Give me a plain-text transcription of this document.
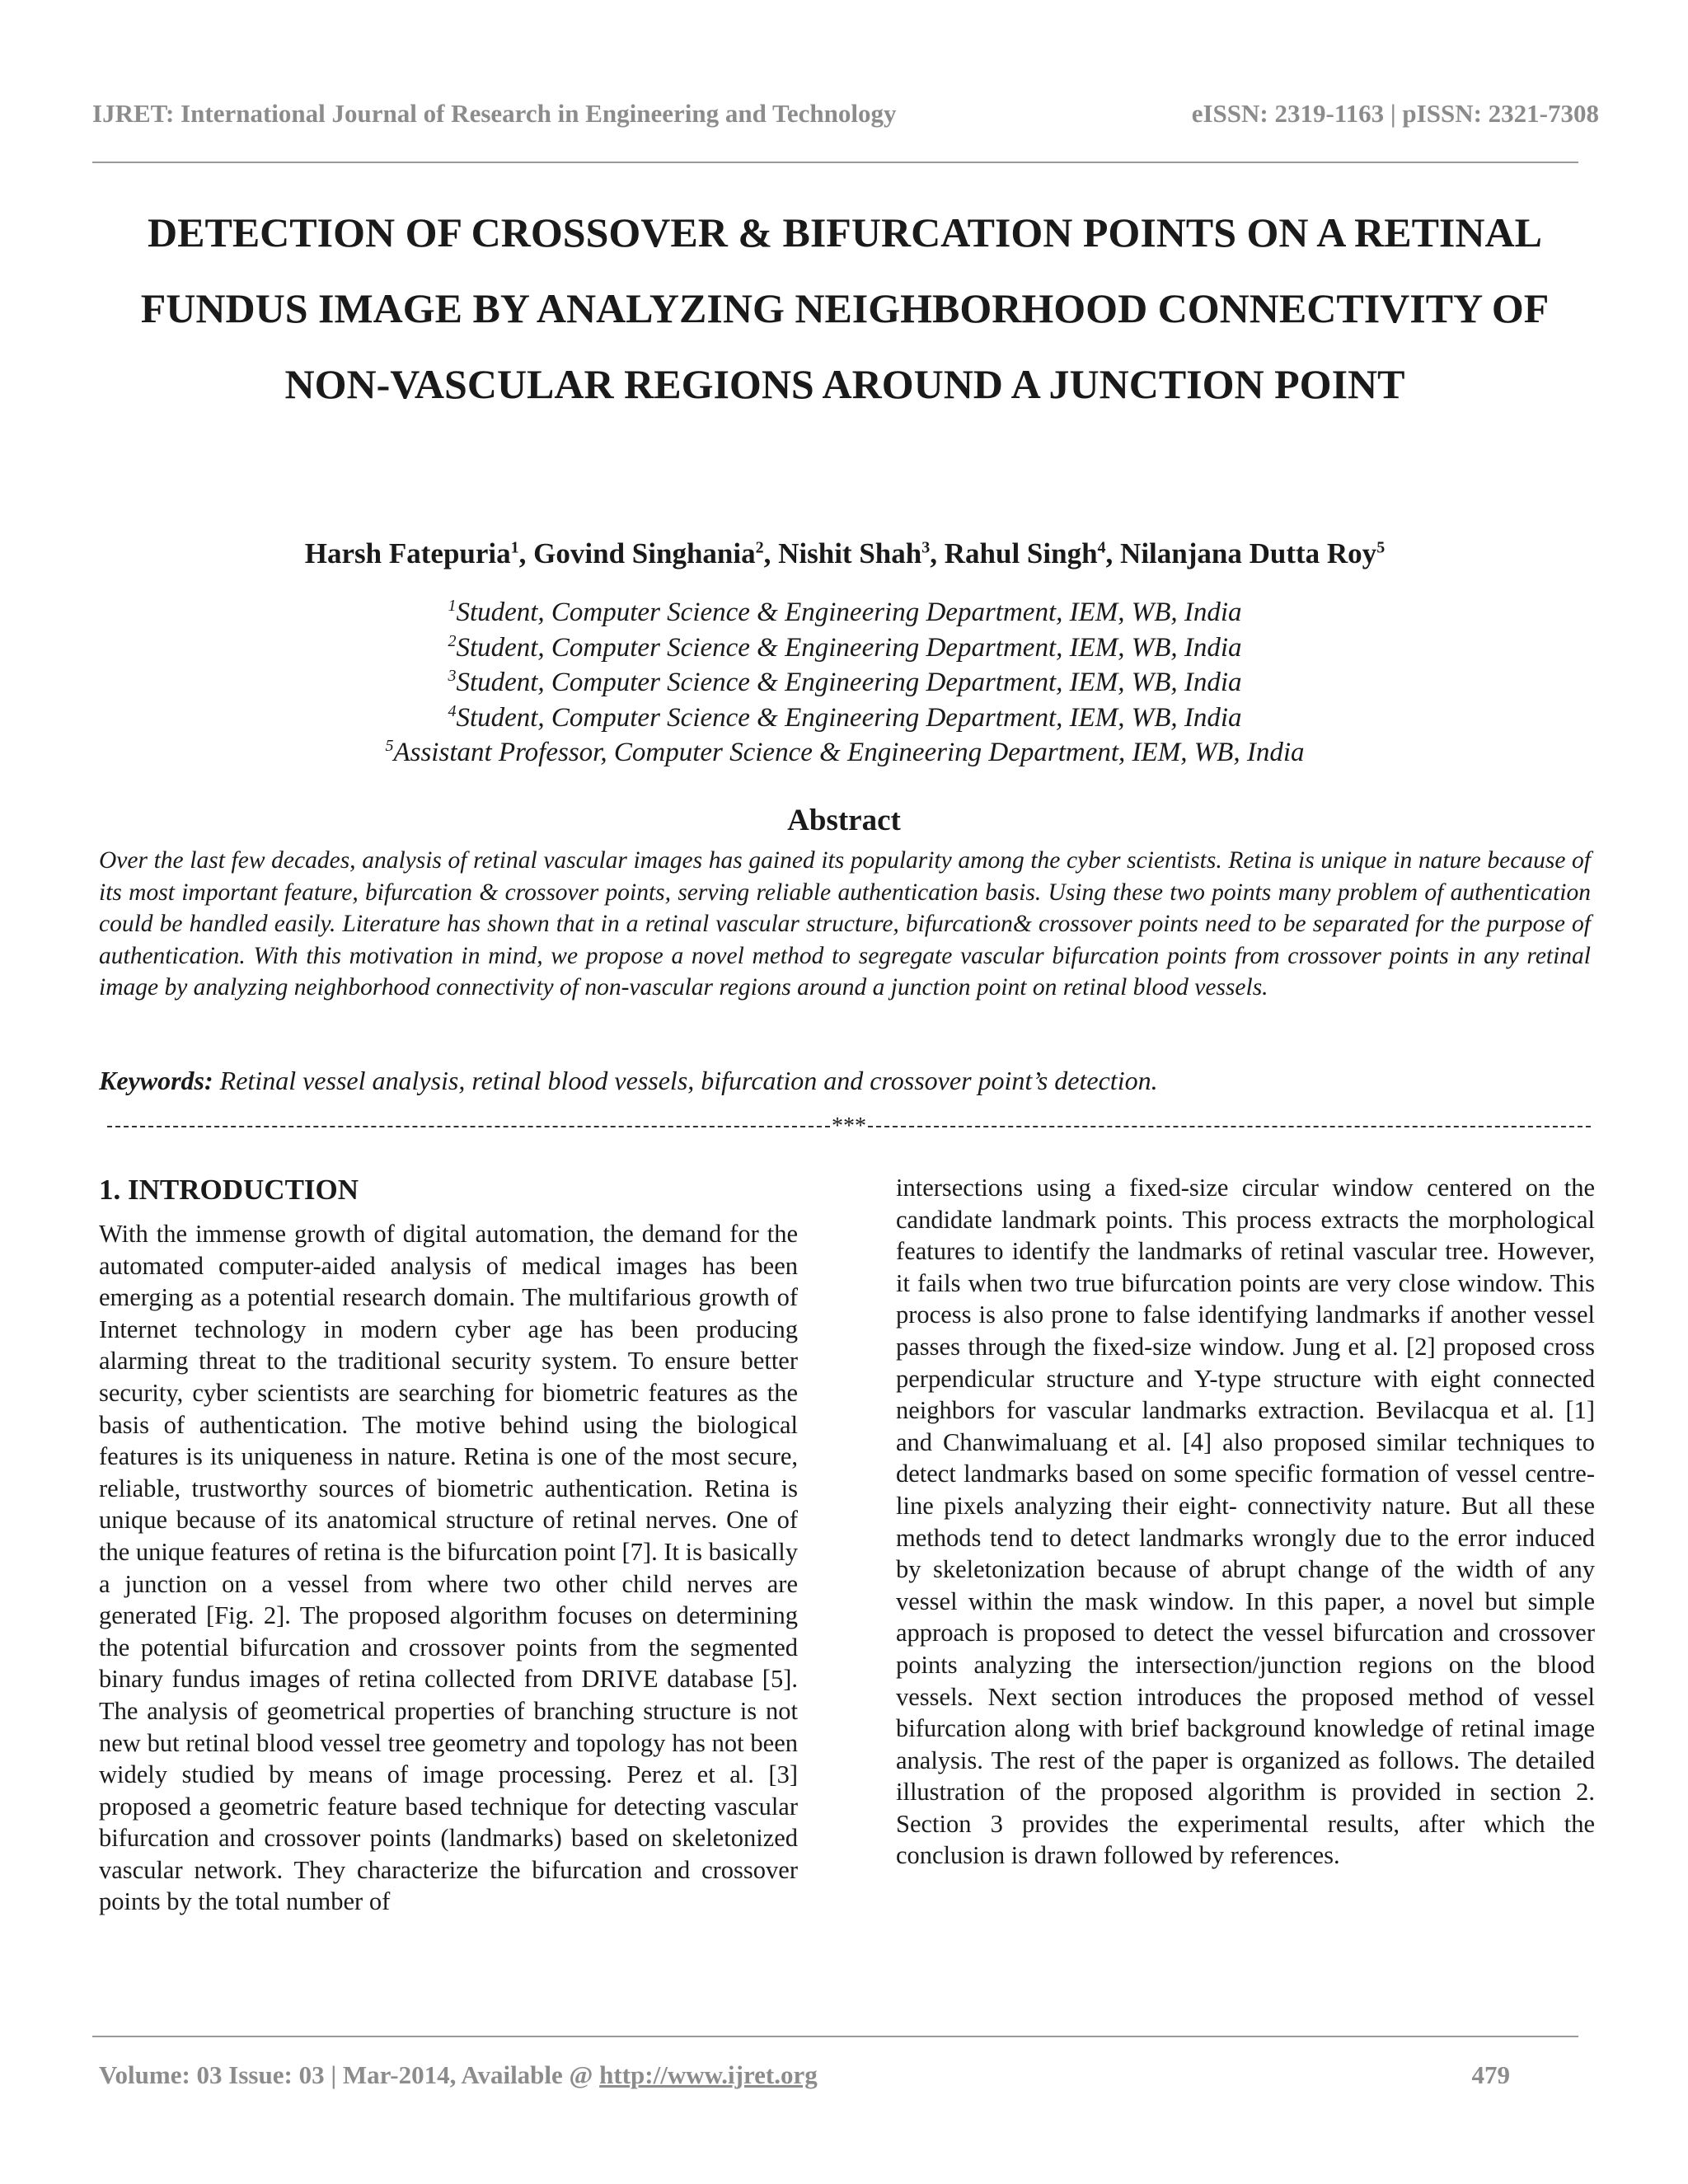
IJRET: International Journal of Research in Engineering and Technology	eISSN: 2319-1163 | pISSN: 2321-7308
DETECTION OF CROSSOVER & BIFURCATION POINTS ON A RETINAL FUNDUS IMAGE BY ANALYZING NEIGHBORHOOD CONNECTIVITY OF NON-VASCULAR REGIONS AROUND A JUNCTION POINT
Harsh Fatepuria$^1$, Govind Singhania$^2$, Nishit Shah$^3$, Rahul Singh$^4$, Nilanjana Dutta Roy$^5$
$^1$Student, Computer Science & Engineering Department, IEM, WB, India
$^2$Student, Computer Science & Engineering Department, IEM, WB, India
$^3$Student, Computer Science & Engineering Department, IEM, WB, India
$^4$Student, Computer Science & Engineering Department, IEM, WB, India
$^5$Assistant Professor, Computer Science & Engineering Department, IEM, WB, India
Abstract

Over the last few decades, analysis of retinal vascular images has gained its popularity among the cyber scientists. Retina is unique in nature because of its most important feature, bifurcation & crossover points, serving reliable authentication basis. Using these two points many problem of authentication could be handled easily. Literature has shown that in a retinal vascular structure, bifurcation& crossover points need to be separated for the purpose of authentication. With this motivation in mind, we propose a novel method to segregate vascular bifurcation points from crossover points in any retinal image by analyzing neighborhood connectivity of non-vascular regions around a junction point on retinal blood vessels.

Keywords: Retinal vessel analysis, retinal blood vessels, bifurcation and crossover point’s detection.

***
1. INTRODUCTION

With the immense growth of digital automation, the demand for the automated computer-aided analysis of medical images has been emerging as a potential research domain. The multifarious growth of Internet technology in modern cyber age has been producing alarming threat to the traditional security system. To ensure better security, cyber scientists are searching for biometric features as the basis of authentication. The motive behind using the biological features is its uniqueness in nature. Retina is one of the most secure, reliable, trustworthy sources of biometric authentication. Retina is unique because of its anatomical structure of retinal nerves. One of the unique features of retina is the bifurcation point [7]. It is basically a junction on a vessel from where two other child nerves are generated [Fig. 2]. The proposed algorithm focuses on determining the potential bifurcation and crossover points from the segmented binary fundus images of retina collected from DRIVE database [5]. The analysis of geometrical properties of branching structure is not new but retinal blood vessel tree geometry and topology has not been widely studied by means of image processing. Perez et al. [3] proposed a geometric feature based technique for detecting vascular bifurcation and crossover points (landmarks) based on skeletonized vascular network. They characterize the bifurcation and crossover points by the total number of

intersections using a fixed-size circular window centered on the candidate landmark points. This process extracts the morphological features to identify the landmarks of retinal vascular tree. However, it fails when two true bifurcation points are very close window. This process is also prone to false identifying landmarks if another vessel passes through the fixed-size window. Jung et al. [2] proposed cross perpendicular structure and Y-type structure with eight connected neighbors for vascular landmarks extraction. Bevilacqua et al. [1] and Chanwimaluang et al. [4] also proposed similar techniques to detect landmarks based on some specific formation of vessel centre-line pixels analyzing their eight- connectivity nature. But all these methods tend to detect landmarks wrongly due to the error induced by skeletonization because of abrupt change of the width of any vessel within the mask window. In this paper, a novel but simple approach is proposed to detect the vessel bifurcation and crossover points analyzing the intersection/junction regions on the blood vessels. Next section introduces the proposed method of vessel bifurcation along with brief background knowledge of retinal image analysis. The rest of the paper is organized as follows. The detailed illustration of the proposed algorithm is provided in section 2. Section 3 provides the experimental results, after which the conclusion is drawn followed by references.

Volume: 03 Issue: 03 | Mar-2014, Available @ http://www.ijret.org	479
